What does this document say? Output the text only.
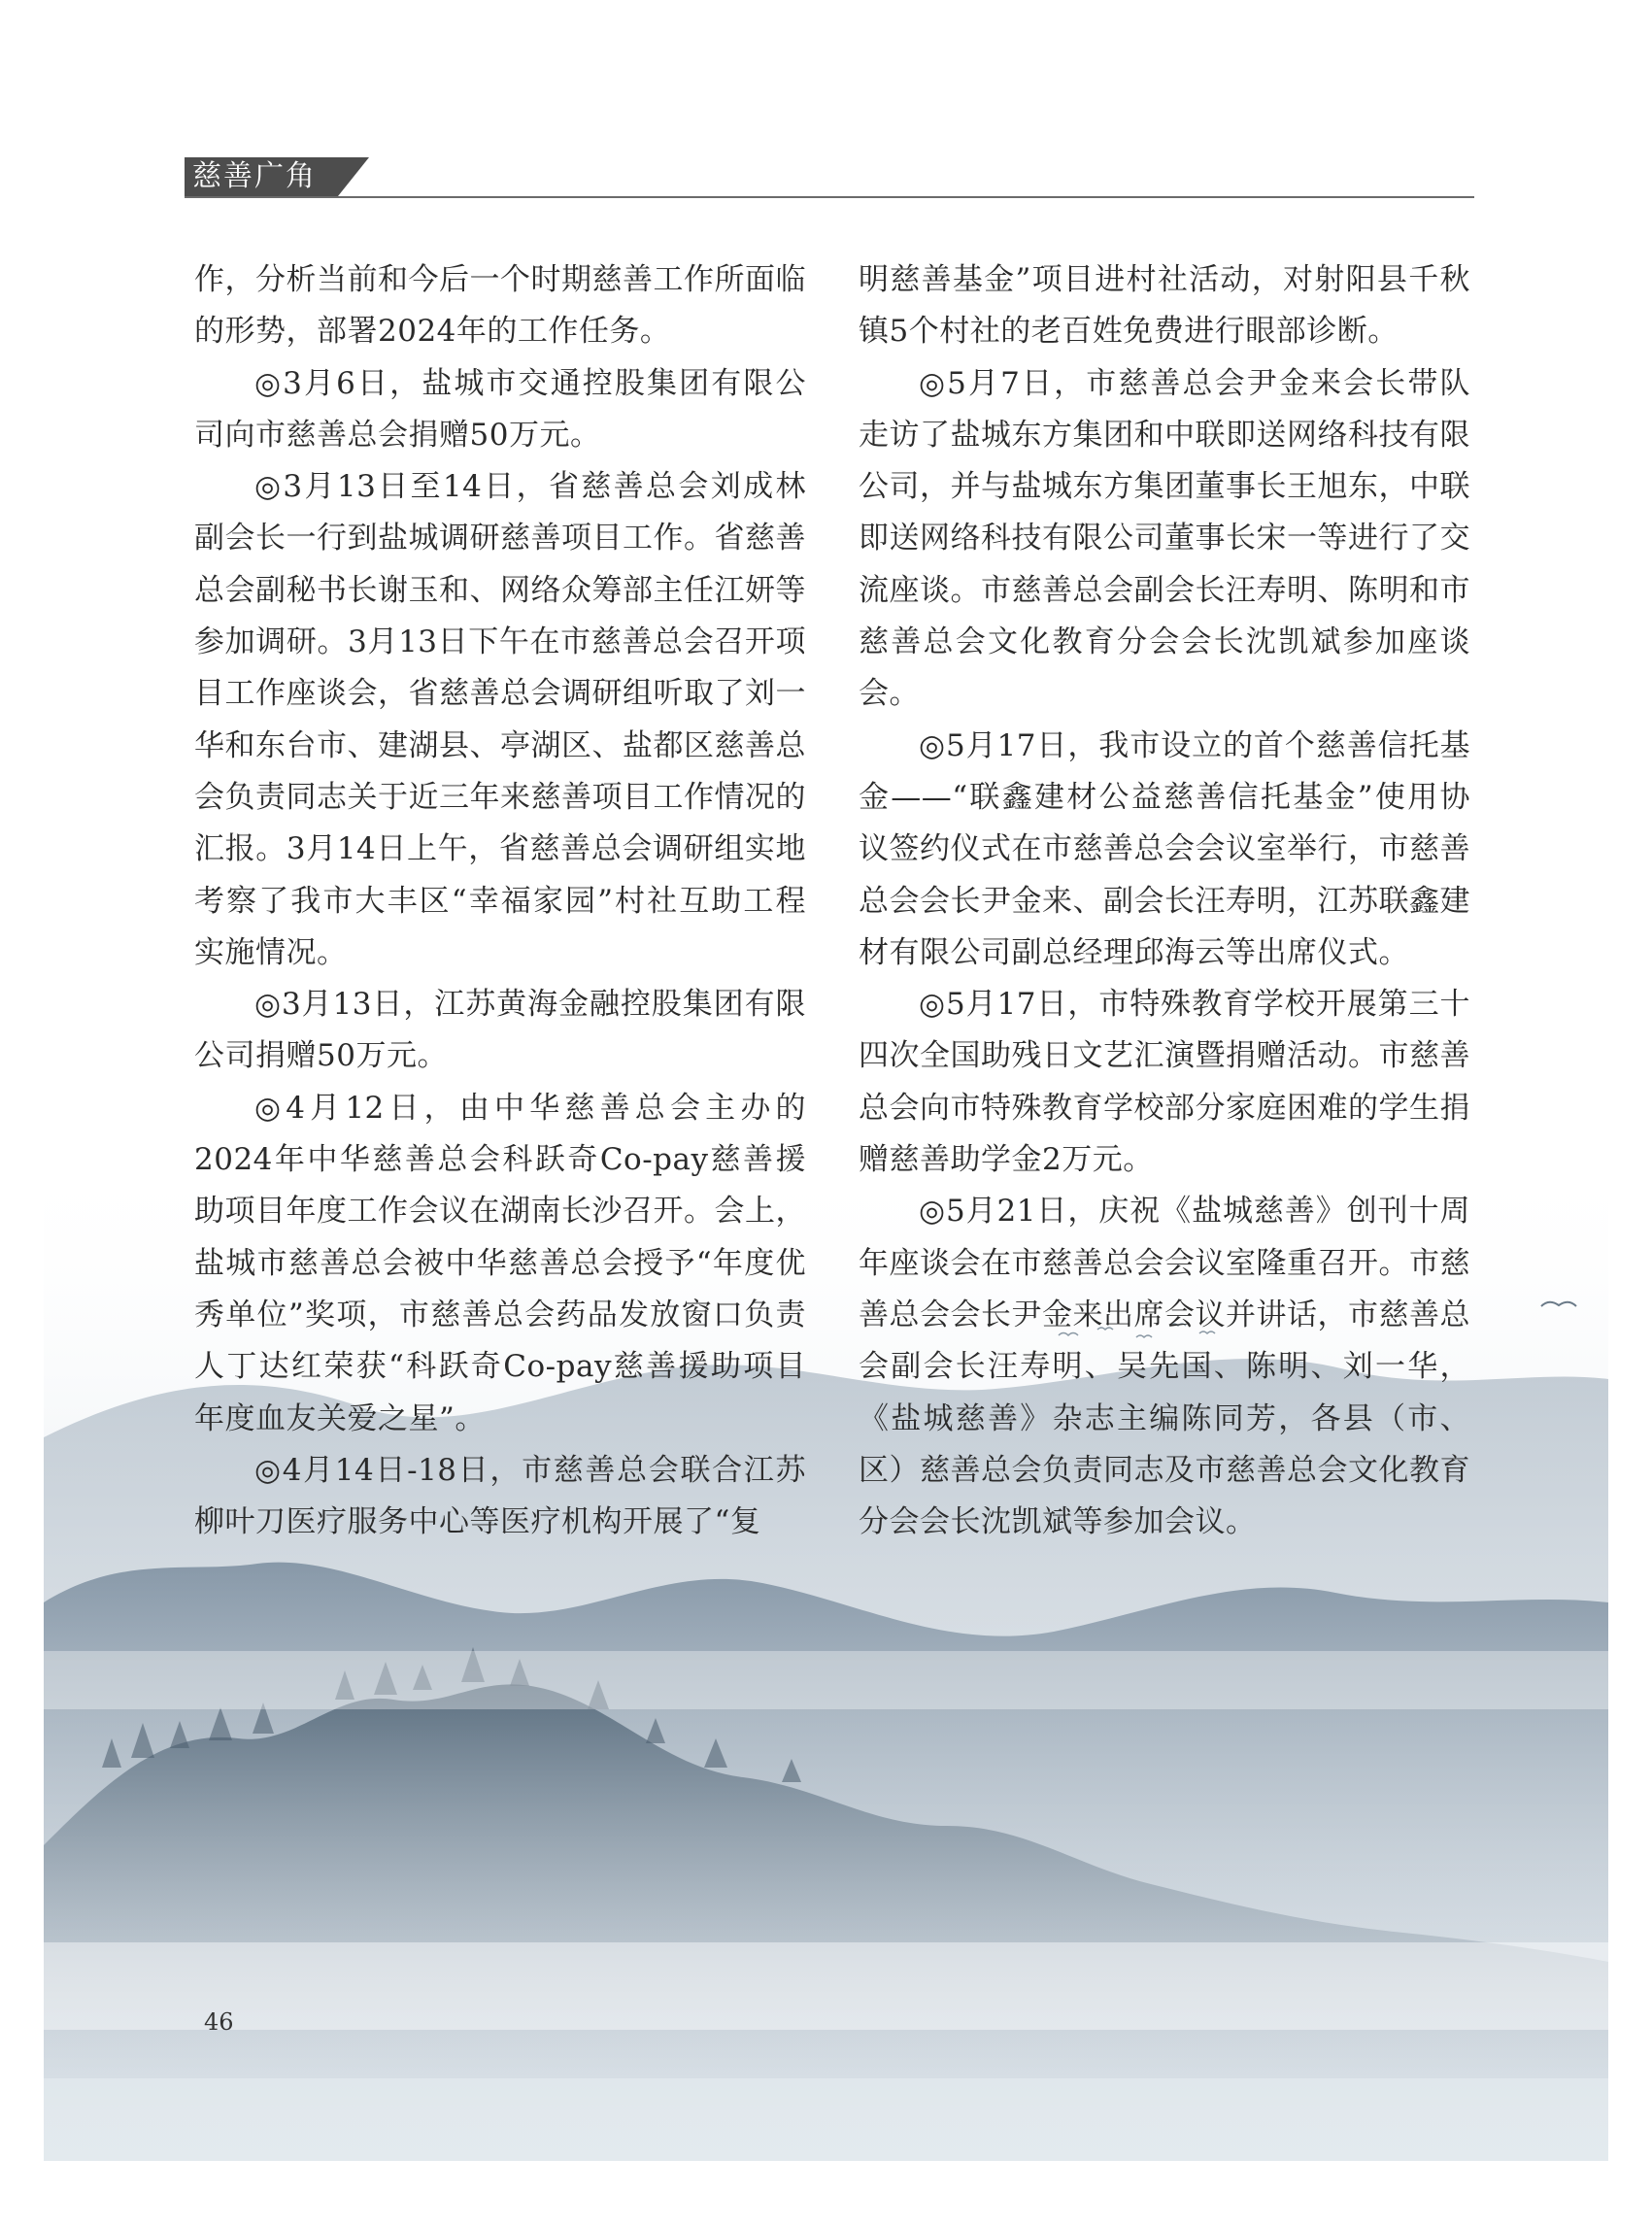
慈善广角

作，分析当前和今后一个时期慈善工作所面临的形势，部署2024年的工作任务。

◎3月6日，盐城市交通控股集团有限公司向市慈善总会捐赠50万元。

◎3月13日至14日，省慈善总会刘成林副会长一行到盐城调研慈善项目工作。省慈善总会副秘书长谢玉和、网络众筹部主任江妍等参加调研。3月13日下午在市慈善总会召开项目工作座谈会，省慈善总会调研组听取了刘一华和东台市、建湖县、亭湖区、盐都区慈善总会负责同志关于近三年来慈善项目工作情况的汇报。3月14日上午，省慈善总会调研组实地考察了我市大丰区“幸福家园”村社互助工程实施情况。

◎3月13日，江苏黄海金融控股集团有限公司捐赠50万元。

◎4月12日，由中华慈善总会主办的2024年中华慈善总会科跃奇Co-pay慈善援助项目年度工作会议在湖南长沙召开。会上，盐城市慈善总会被中华慈善总会授予“年度优秀单位”奖项，市慈善总会药品发放窗口负责人丁达红荣获“科跃奇Co-pay慈善援助项目年度血友关爱之星”。

◎4月14日-18日，市慈善总会联合江苏柳叶刀医疗服务中心等医疗机构开展了“复

明慈善基金”项目进村社活动，对射阳县千秋镇5个村社的老百姓免费进行眼部诊断。

◎5月7日，市慈善总会尹金来会长带队走访了盐城东方集团和中联即送网络科技有限公司，并与盐城东方集团董事长王旭东，中联即送网络科技有限公司董事长宋一等进行了交流座谈。市慈善总会副会长汪寿明、陈明和市慈善总会文化教育分会会长沈凯斌参加座谈会。

◎5月17日，我市设立的首个慈善信托基金——“联鑫建材公益慈善信托基金”使用协议签约仪式在市慈善总会会议室举行，市慈善总会会长尹金来、副会长汪寿明，江苏联鑫建材有限公司副总经理邱海云等出席仪式。

◎5月17日，市特殊教育学校开展第三十四次全国助残日文艺汇演暨捐赠活动。市慈善总会向市特殊教育学校部分家庭困难的学生捐赠慈善助学金2万元。

◎5月21日，庆祝《盐城慈善》创刊十周年座谈会在市慈善总会会议室隆重召开。市慈善总会会长尹金来出席会议并讲话，市慈善总会副会长汪寿明、吴先国、陈明、刘一华，《盐城慈善》杂志主编陈同芳，各县（市、区）慈善总会负责同志及市慈善总会文化教育分会会长沈凯斌等参加会议。

46
